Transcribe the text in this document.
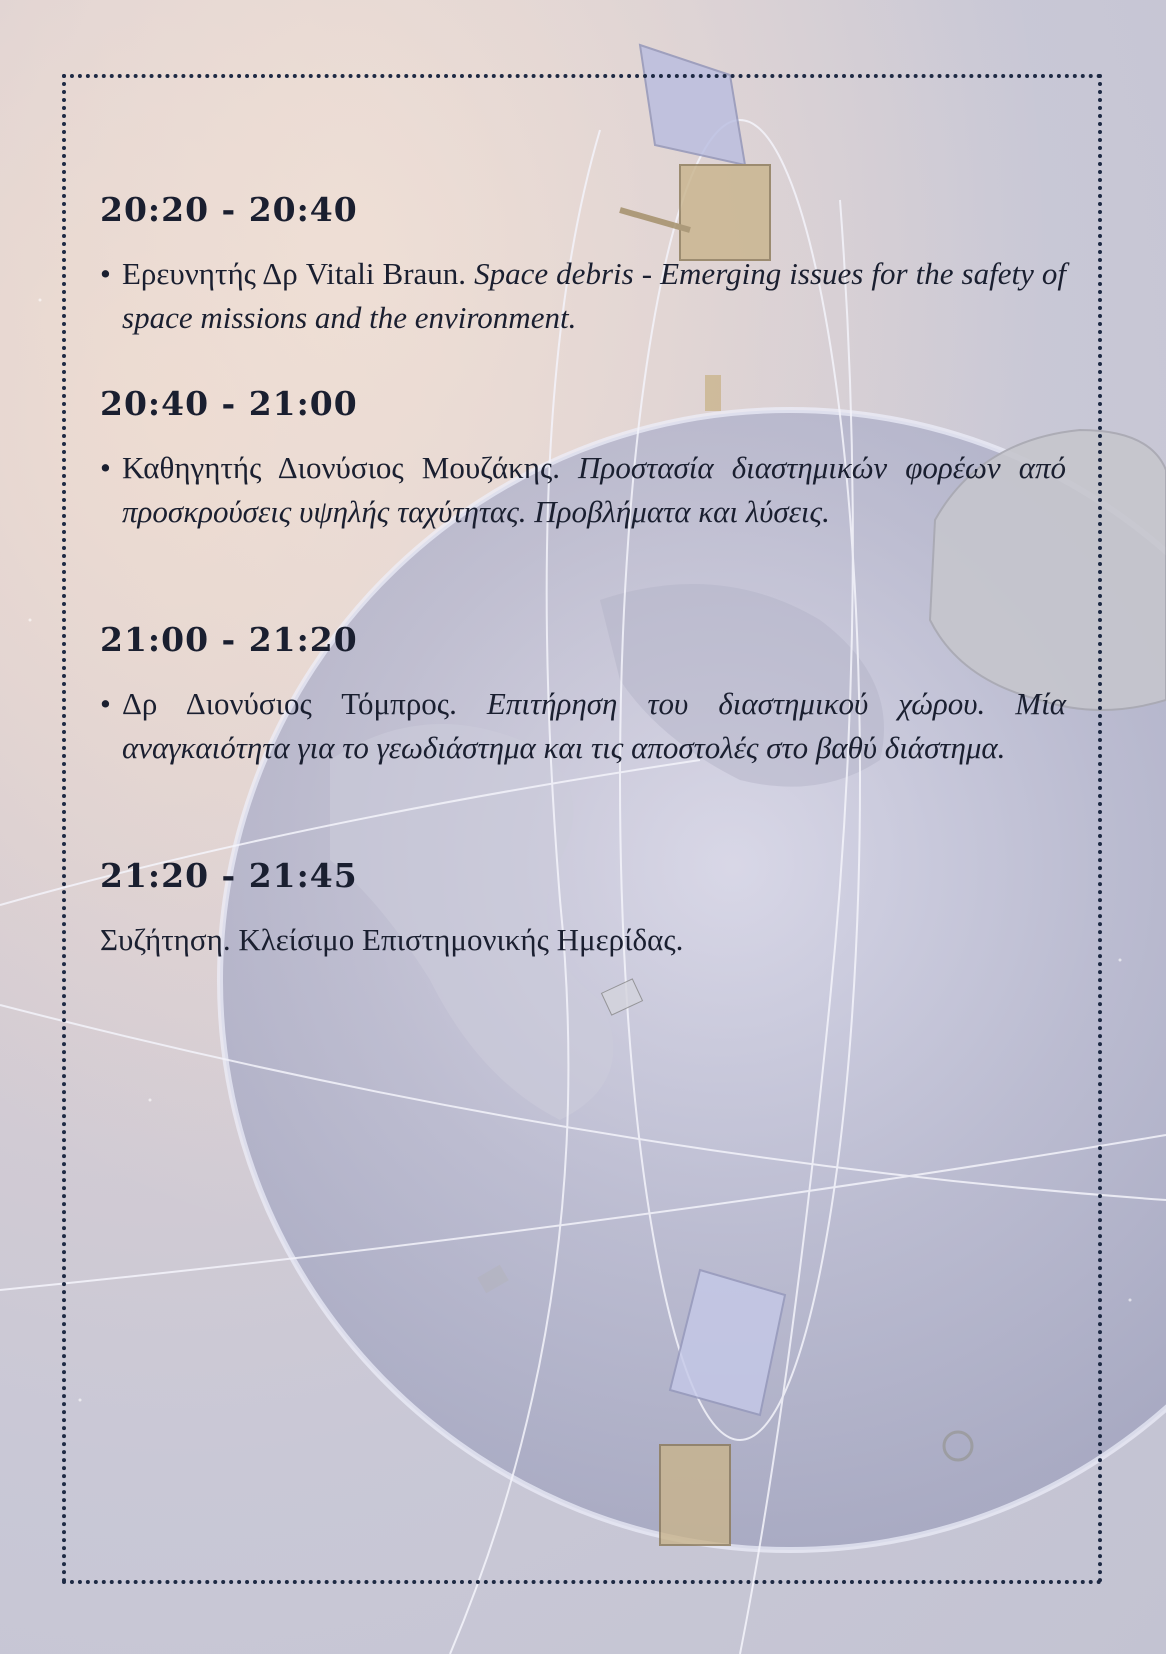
20:20 - 20:40

• Ερευνητής Δρ Vitali Braun. Space debris - Emerging issues for the safety of space missions and the environment.

20:40 - 21:00

• Καθηγητής Διονύσιος Μουζάκης. Προστασία διαστημικών φορέων από προσκρούσεις υψηλής ταχύτητας. Προβλήματα και λύσεις.

21:00 - 21:20

• Δρ Διονύσιος Τόμπρος. Επιτήρηση του διαστημικού χώρου. Μία αναγκαιότητα για το γεωδιάστημα και τις αποστολές στο βαθύ διάστημα.

21:20 - 21:45

Συζήτηση. Κλείσιμο Επιστημονικής Ημερίδας.
